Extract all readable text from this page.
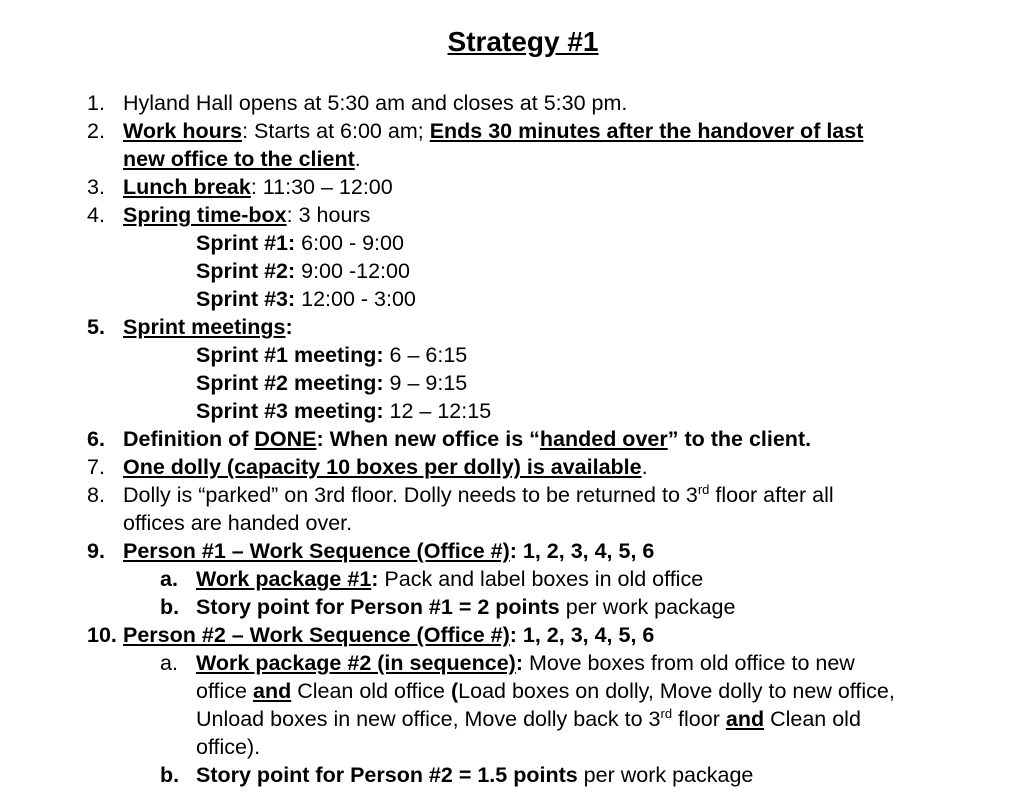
Strategy #1
1. Hyland Hall opens at 5:30 am and closes at 5:30 pm.
2. Work hours: Starts at 6:00 am; Ends 30 minutes after the handover of last
new office to the client.
3. Lunch break: 11:30 – 12:00
4. Spring time-box: 3 hours
Sprint #1: 6:00 - 9:00
Sprint #2: 9:00 -12:00
Sprint #3: 12:00 - 3:00
5. Sprint meetings:
Sprint #1 meeting: 6 – 6:15
Sprint #2 meeting: 9 – 9:15
Sprint #3 meeting: 12 – 12:15
6. Definition of DONE: When new office is “handed over” to the client.
7. One dolly (capacity 10 boxes per dolly) is available.
8. Dolly is “parked” on 3rd floor. Dolly needs to be returned to 3rd floor after all
offices are handed over.
9. Person #1 – Work Sequence (Office #): 1, 2, 3, 4, 5, 6
a. Work package #1: Pack and label boxes in old office
b. Story point for Person #1 = 2 points per work package
10. Person #2 – Work Sequence (Office #): 1, 2, 3, 4, 5, 6
a. Work package #2 (in sequence): Move boxes from old office to new
office and Clean old office (Load boxes on dolly, Move dolly to new office,
Unload boxes in new office, Move dolly back to 3rd floor and Clean old
office).
b. Story point for Person #2 = 1.5 points per work package
